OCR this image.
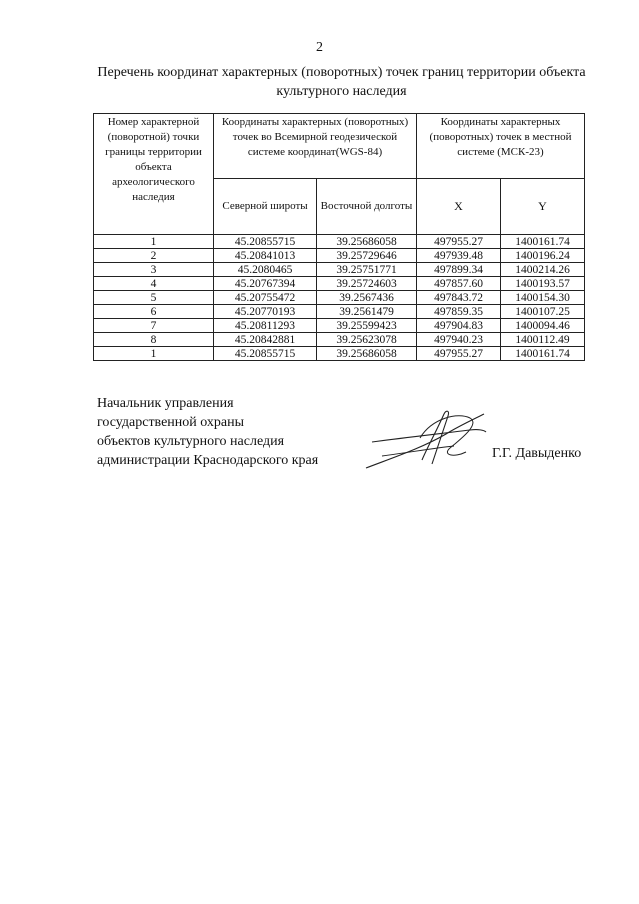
2
Перечень координат характерных (поворотных) точек границ территории объекта культурного наследия
Номер характерной (поворотной) точки границы территории объекта археологического наследия	Координаты характерных (поворотных) точек во Всемирной геодезической системе координат(WGS-84)		Координаты характерных (поворотных) точек в местной системе (МСК-23)	
	Северной широты	Восточной долготы	X	Y
1	45.20855715	39.25686058	497955.27	1400161.74
2	45.20841013	39.25729646	497939.48	1400196.24
3	45.2080465	39.25751771	497899.34	1400214.26
4	45.20767394	39.25724603	497857.60	1400193.57
5	45.20755472	39.2567436	497843.72	1400154.30
6	45.20770193	39.2561479	497859.35	1400107.25
7	45.20811293	39.25599423	497904.83	1400094.46
8	45.20842881	39.25623078	497940.23	1400112.49
1	45.20855715	39.25686058	497955.27	1400161.74
Начальник управления
государственной охраны
объектов культурного наследия
администрации Краснодарского края	Г.Г. Давыденко
